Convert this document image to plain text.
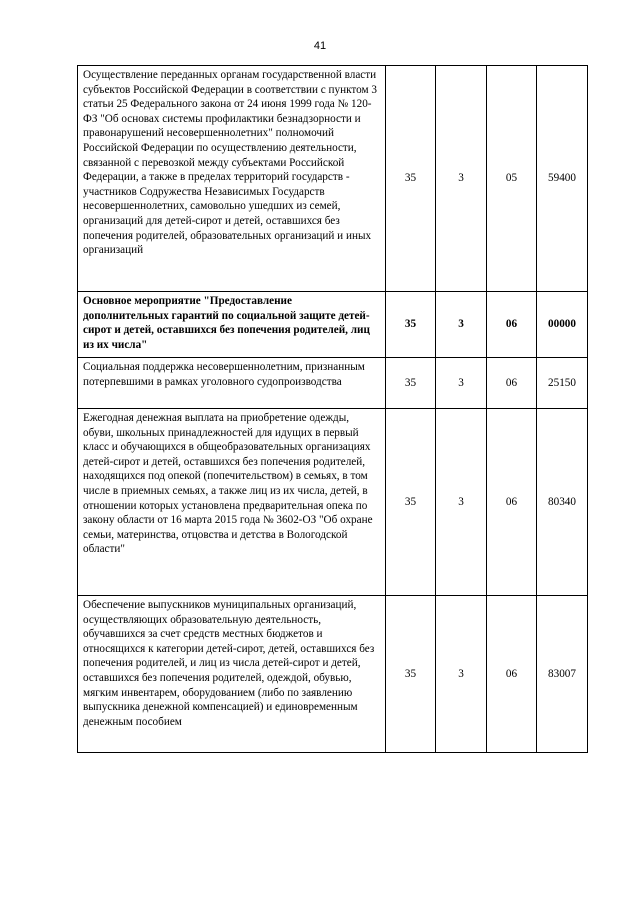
41
Осуществление переданных органам государственной власти субъектов Российской Федерации в соответствии с пунктом 3 статьи 25 Федерального закона от 24 июня 1999 года № 120-ФЗ "Об основах системы профилактики безнадзорности и правонарушений несовершеннолетних" полномочий Российской Федерации по осуществлению деятельности, связанной с перевозкой между субъектами Российской Федерации, а также в пределах территорий государств - участников Содружества Независимых Государств несовершеннолетних, самовольно ушедших из семей, организаций для детей-сирот и детей, оставшихся без попечения родителей, образовательных организаций и иных организаций	35	3	05	59400
Основное мероприятие "Предоставление дополнительных гарантий по социальной защите детей-сирот и детей, оставшихся без попечения родителей, лиц из их числа"	35	3	06	00000
Социальная поддержка несовершеннолетним, признанным потерпевшими в рамках уголовного судопроизводства	35	3	06	25150
Ежегодная денежная выплата на приобретение одежды, обуви, школьных принадлежностей для идущих в первый класс и обучающихся в общеобразовательных организациях детей-сирот и детей, оставшихся без попечения родителей, находящихся под опекой (попечительством) в семьях, в том числе в приемных семьях, а также лиц из их числа, детей, в отношении которых установлена предварительная опека по закону области от 16 марта 2015 года № 3602-ОЗ "Об охране семьи, материнства, отцовства и детства в Вологодской области"	35	3	06	80340
Обеспечение выпускников муниципальных организаций, осуществляющих образовательную деятельность, обучавшихся за счет средств местных бюджетов и относящихся к категории детей-сирот, детей, оставшихся без попечения родителей, и лиц из числа детей-сирот и детей, оставшихся без попечения родителей, одеждой, обувью, мягким инвентарем, оборудованием (либо по заявлению выпускника денежной компенсацией) и единовременным денежным пособием	35	3	06	83007
